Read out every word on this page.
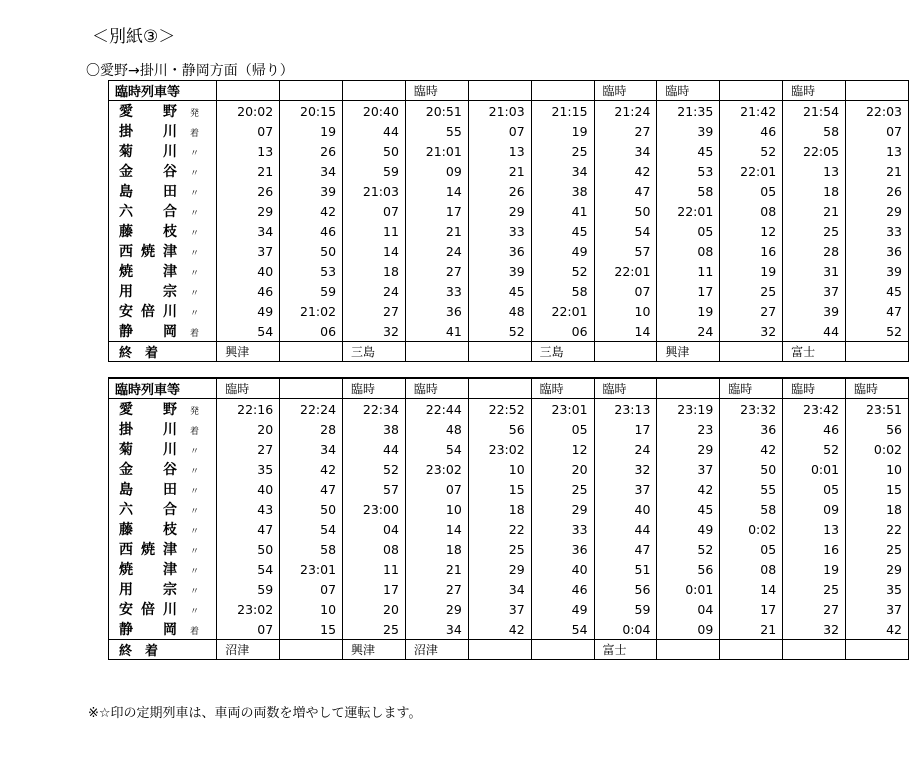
＜別紙③＞
〇愛野→掛川・静岡方面（帰り）
臨時列車等				臨時			臨時	臨時		臨時	
愛野 発	20:02	20:15	20:40	20:51	21:03	21:15	21:24	21:35	21:42	21:54	22:03
掛川 着	07	19	44	55	07	19	27	39	46	58	07
菊川 〃	13	26	50	21:01	13	25	34	45	52	22:05	13
金谷 〃	21	34	59	09	21	34	42	53	22:01	13	21
島田 〃	26	39	21:03	14	26	38	47	58	05	18	26
六合 〃	29	42	07	17	29	41	50	22:01	08	21	29
藤枝 〃	34	46	11	21	33	45	54	05	12	25	33
西焼津 〃	37	50	14	24	36	49	57	08	16	28	36
焼津 〃	40	53	18	27	39	52	22:01	11	19	31	39
用宗 〃	46	59	24	33	45	58	07	17	25	37	45
安倍川 〃	49	21:02	27	36	48	22:01	10	19	27	39	47
静岡 着	54	06	32	41	52	06	14	24	32	44	52
終　着	興津		三島			三島		興津		富士	
臨時列車等	臨時		臨時	臨時		臨時	臨時		臨時	臨時	臨時
愛野 発	22:16	22:24	22:34	22:44	22:52	23:01	23:13	23:19	23:32	23:42	23:51
掛川 着	20	28	38	48	56	05	17	23	36	46	56
菊川 〃	27	34	44	54	23:02	12	24	29	42	52	0:02
金谷 〃	35	42	52	23:02	10	20	32	37	50	0:01	10
島田 〃	40	47	57	07	15	25	37	42	55	05	15
六合 〃	43	50	23:00	10	18	29	40	45	58	09	18
藤枝 〃	47	54	04	14	22	33	44	49	0:02	13	22
西焼津 〃	50	58	08	18	25	36	47	52	05	16	25
焼津 〃	54	23:01	11	21	29	40	51	56	08	19	29
用宗 〃	59	07	17	27	34	46	56	0:01	14	25	35
安倍川 〃	23:02	10	20	29	37	49	59	04	17	27	37
静岡 着	07	15	25	34	42	54	0:04	09	21	32	42
終　着	沼津		興津	沼津			富士				
※☆印の定期列車は、車両の両数を増やして運転します。
